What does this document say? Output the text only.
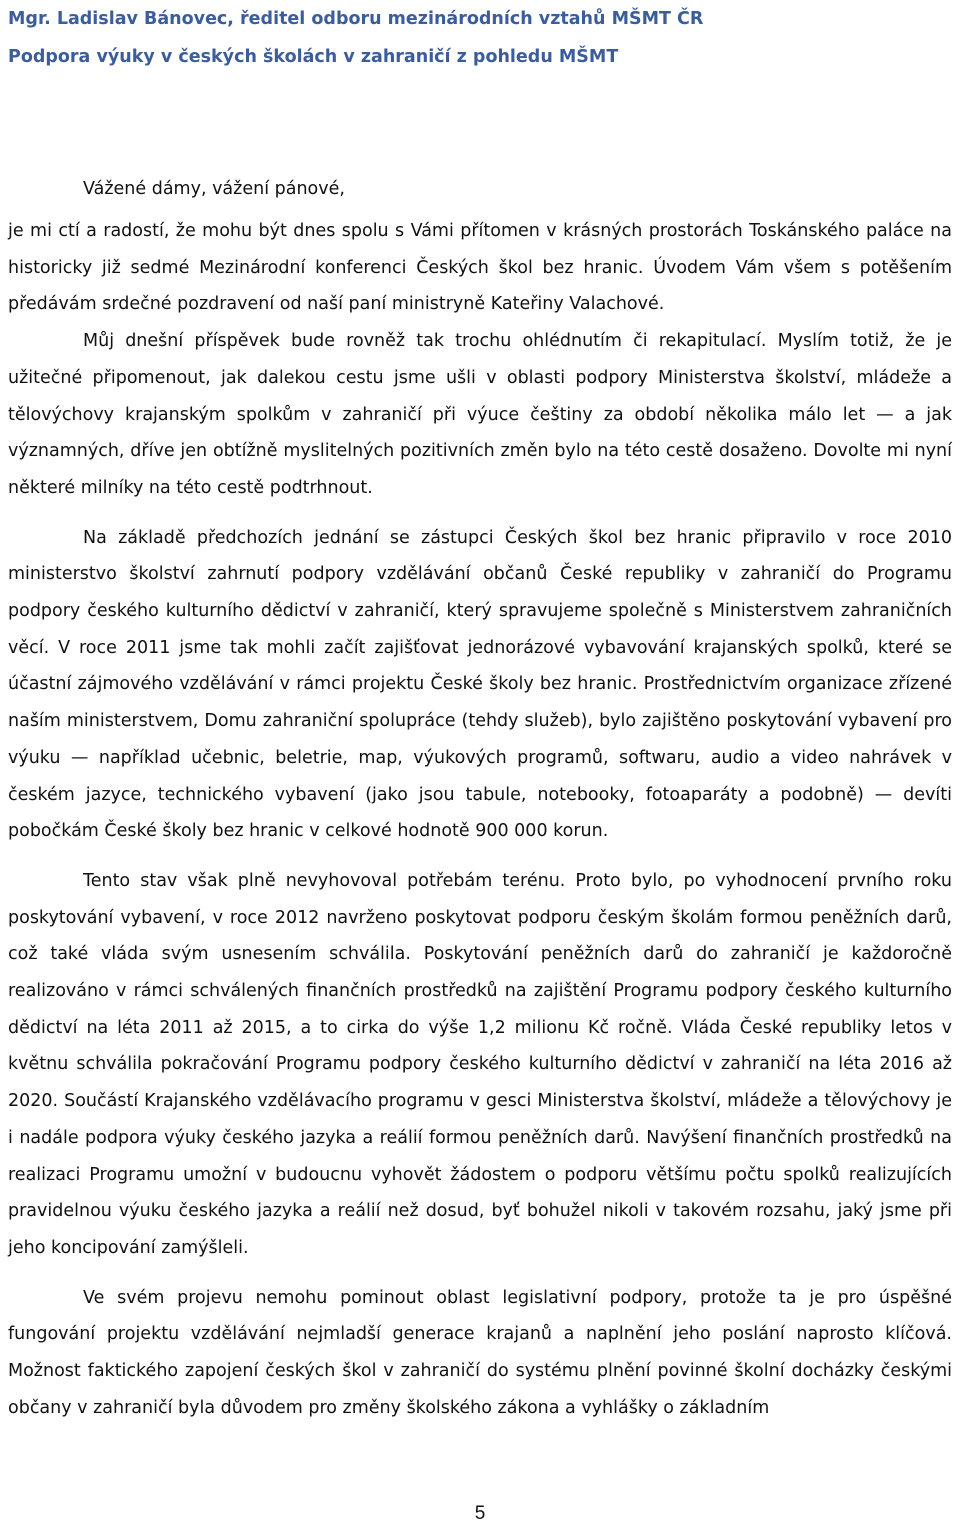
Mgr. Ladislav Bánovec, ředitel odboru mezinárodních vztahů MŠMT ČR
Podpora výuky v českých školách v zahraničí z pohledu MŠMT

Vážené dámy, vážení pánové,

je mi ctí a radostí, že mohu být dnes spolu s Vámi přítomen v krásných prostorách Toskánského paláce na historicky již sedmé Mezinárodní konferenci Českých škol bez hranic. Úvodem Vám všem s potěšením předávám srdečné pozdravení od naší paní ministryně Kateřiny Valachové.

Můj dnešní příspěvek bude rovněž tak trochu ohlédnutím či rekapitulací. Myslím totiž, že je užitečné připomenout, jak dalekou cestu jsme ušli v oblasti podpory Ministerstva školství, mládeže a tělovýchovy krajanským spolkům v zahraničí při výuce češtiny za období několika málo let — a jak významných, dříve jen obtížně myslitelných pozitivních změn bylo na této cestě dosaženo. Dovolte mi nyní některé milníky na této cestě podtrhnout.

Na základě předchozích jednání se zástupci Českých škol bez hranic připravilo v roce 2010 ministerstvo školství zahrnutí podpory vzdělávání občanů České republiky v zahraničí do Programu podpory českého kulturního dědictví v zahraničí, který spravujeme společně s Ministerstvem zahraničních věcí. V roce 2011 jsme tak mohli začít zajišťovat jednorázové vybavování krajanských spolků, které se účastní zájmového vzdělávání v rámci projektu České školy bez hranic. Prostřednictvím organizace zřízené naším ministerstvem, Domu zahraniční spolupráce (tehdy služeb), bylo zajištěno poskytování vybavení pro výuku — například učebnic, beletrie, map, výukových programů, softwaru, audio a video nahrávek v českém jazyce, technického vybavení (jako jsou tabule, notebooky, fotoaparáty a podobně) — devíti pobočkám České školy bez hranic v celkové hodnotě 900 000 korun.

Tento stav však plně nevyhovoval potřebám terénu. Proto bylo, po vyhodnocení prvního roku poskytování vybavení, v roce 2012 navrženo poskytovat podporu českým školám formou peněžních darů, což také vláda svým usnesením schválila. Poskytování peněžních darů do zahraničí je každoročně realizováno v rámci schválených finančních prostředků na zajištění Programu podpory českého kulturního dědictví na léta 2011 až 2015, a to cirka do výše 1,2 milionu Kč ročně. Vláda České republiky letos v květnu schválila pokračování Programu podpory českého kulturního dědictví v zahraničí na léta 2016 až 2020. Součástí Krajanského vzdělávacího programu v gesci Ministerstva školství, mládeže a tělovýchovy je i nadále podpora výuky českého jazyka a reálií formou peněžních darů. Navýšení finančních prostředků na realizaci Programu umožní v budoucnu vyhovět žádostem o podporu většímu počtu spolků realizujících pravidelnou výuku českého jazyka a reálií než dosud, byť bohužel nikoli v takovém rozsahu, jaký jsme při jeho koncipování zamýšleli.

Ve svém projevu nemohu pominout oblast legislativní podpory, protože ta je pro úspěšné fungování projektu vzdělávání nejmladší generace krajanů a naplnění jeho poslání naprosto klíčová. Možnost faktického zapojení českých škol v zahraničí do systému plnění povinné školní docházky českými občany v zahraničí byla důvodem pro změny školského zákona a vyhlášky o základním

5
